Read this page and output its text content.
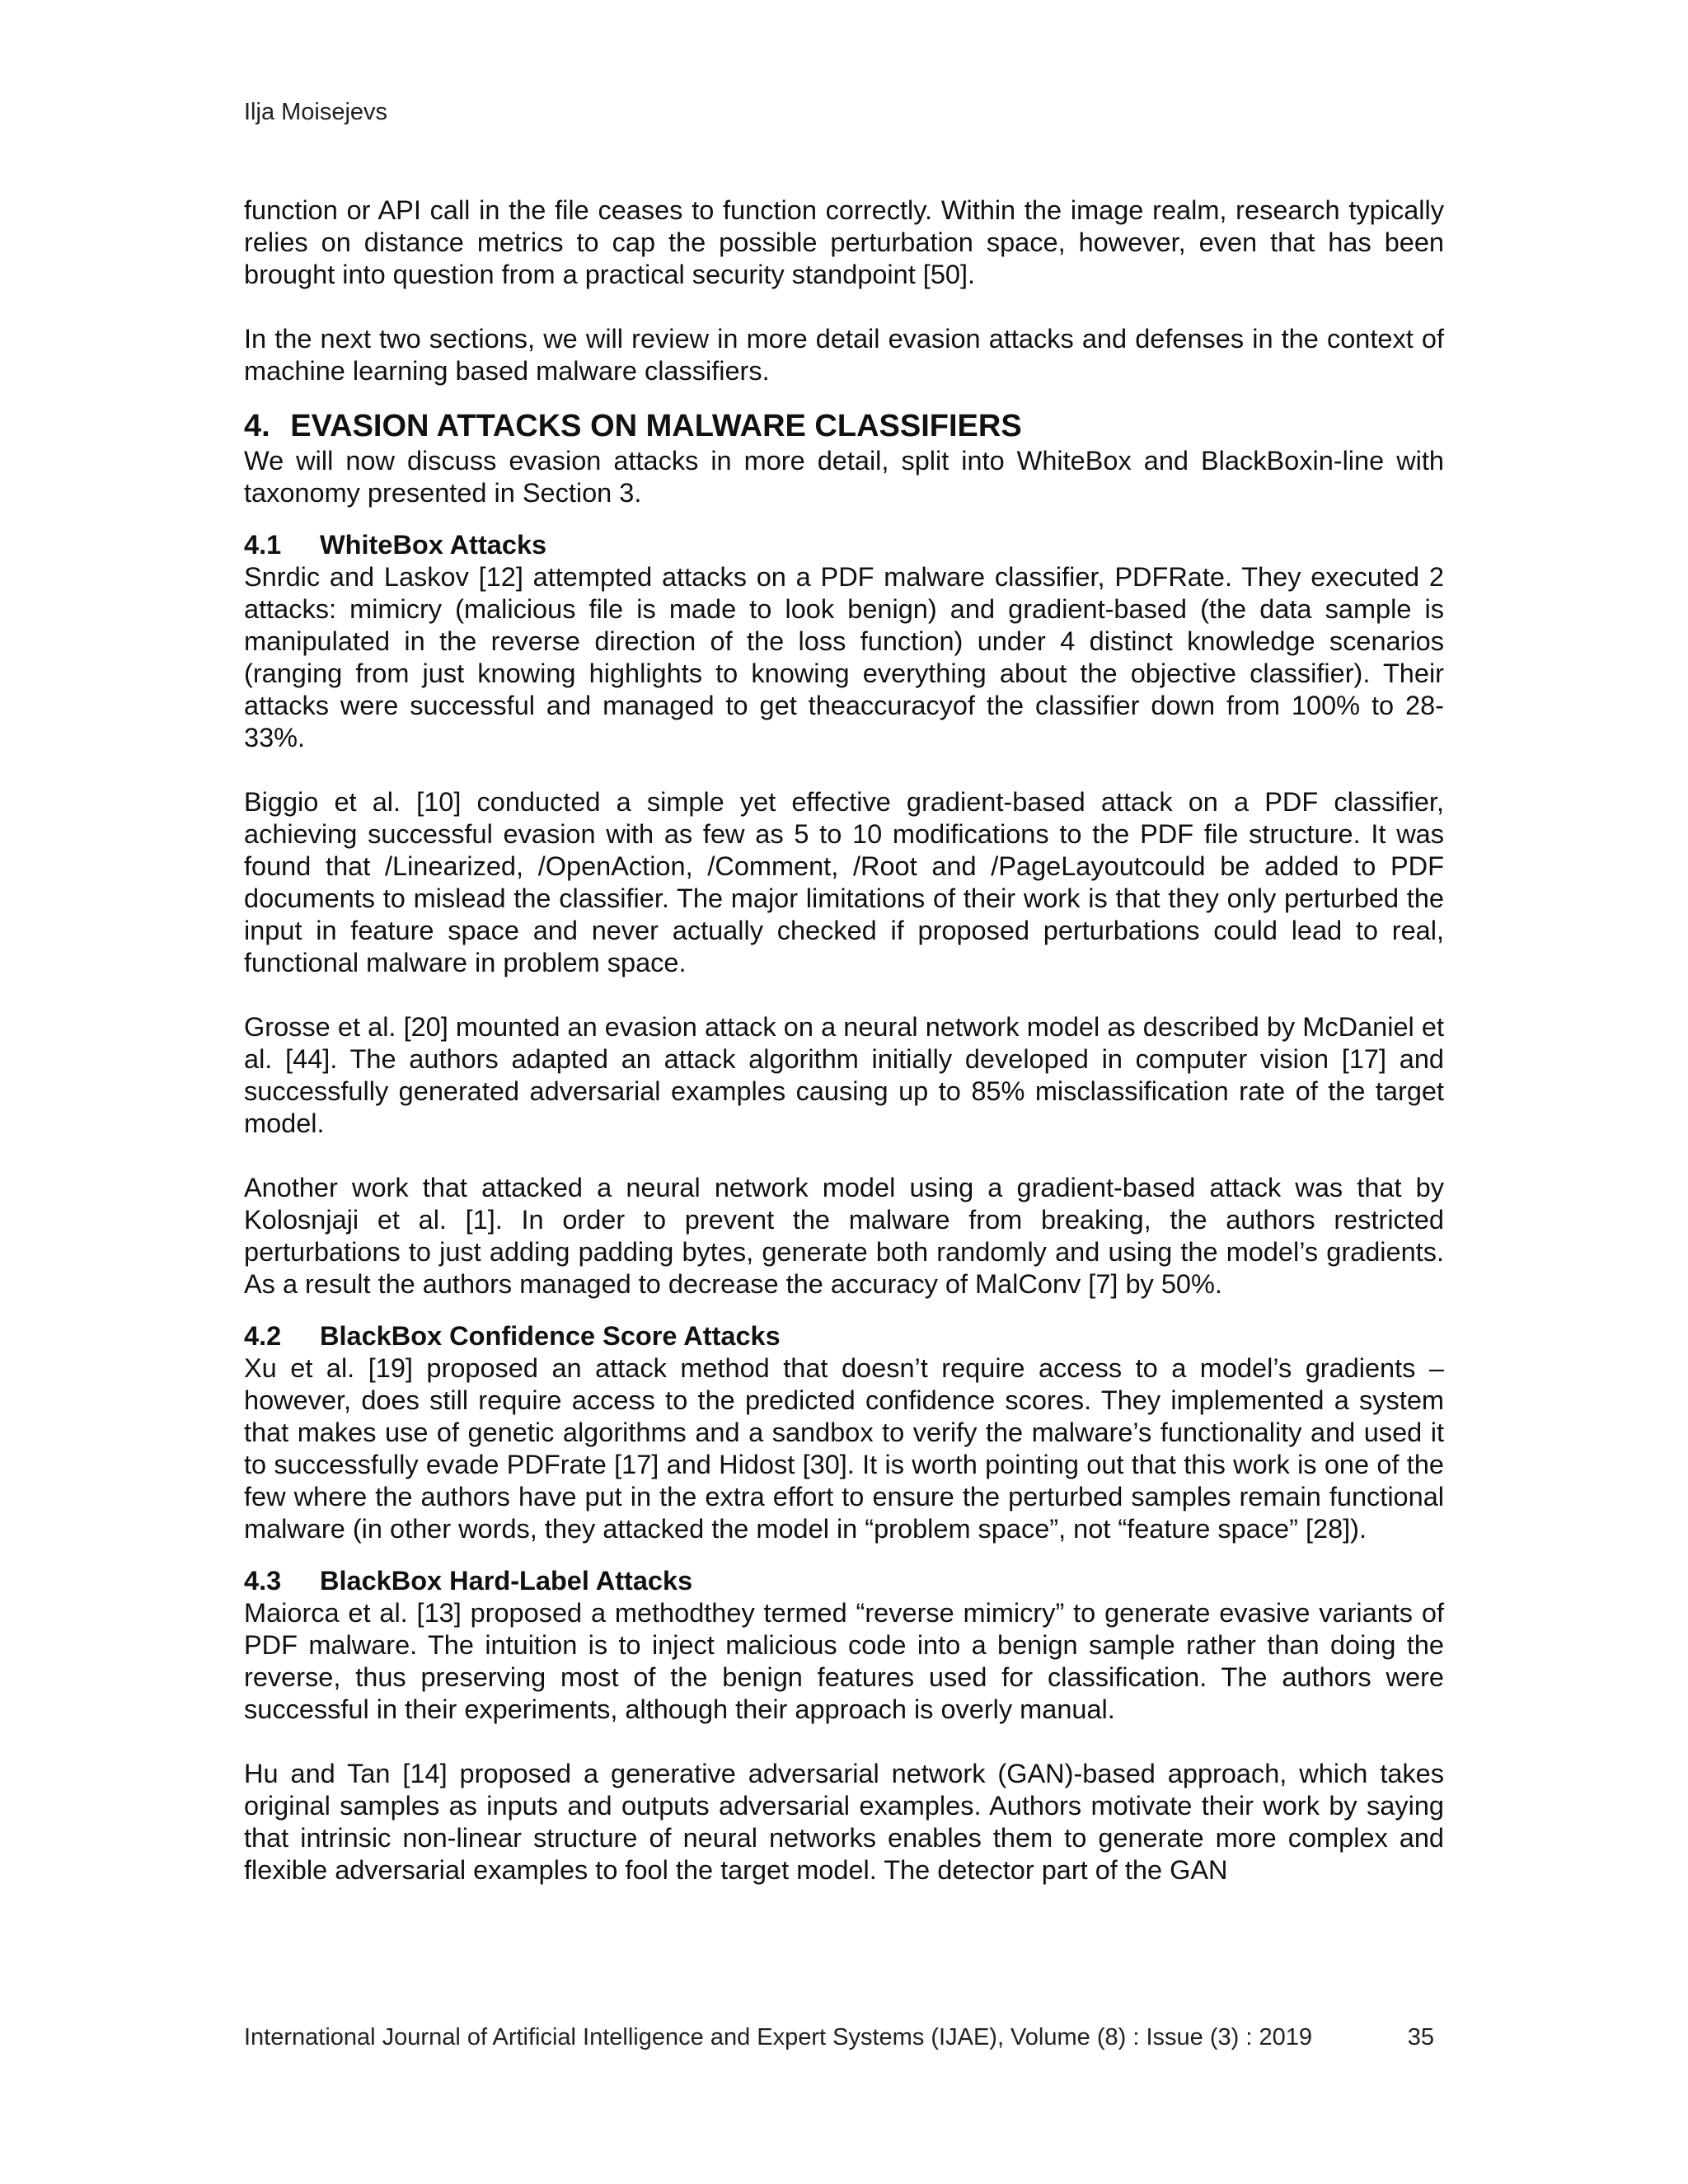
Ilja Moisejevs

function or API call in the file ceases to function correctly. Within the image realm, research typically relies on distance metrics to cap the possible perturbation space, however, even that has been brought into question from a practical security standpoint [50].

In the next two sections, we will review in more detail evasion attacks and defenses in the context of machine learning based malware classifiers.

4. EVASION ATTACKS ON MALWARE CLASSIFIERS

We will now discuss evasion attacks in more detail, split into WhiteBox and BlackBoxin-line with taxonomy presented in Section 3.

4.1 WhiteBox Attacks

Snrdic and Laskov [12] attempted attacks on a PDF malware classifier, PDFRate. They executed 2 attacks: mimicry (malicious file is made to look benign) and gradient-based (the data sample is manipulated in the reverse direction of the loss function) under 4 distinct knowledge scenarios (ranging from just knowing highlights to knowing everything about the objective classifier). Their attacks were successful and managed to get theaccuracyof the classifier down from 100% to 28-33%.

Biggio et al. [10] conducted a simple yet effective gradient-based attack on a PDF classifier, achieving successful evasion with as few as 5 to 10 modifications to the PDF file structure. It was found that /Linearized, /OpenAction, /Comment, /Root and /PageLayoutcould be added to PDF documents to mislead the classifier. The major limitations of their work is that they only perturbed the input in feature space and never actually checked if proposed perturbations could lead to real, functional malware in problem space.

Grosse et al. [20] mounted an evasion attack on a neural network model as described by McDaniel et al. [44]. The authors adapted an attack algorithm initially developed in computer vision [17] and successfully generated adversarial examples causing up to 85% misclassification rate of the target model.

Another work that attacked a neural network model using a gradient-based attack was that by Kolosnjaji et al. [1]. In order to prevent the malware from breaking, the authors restricted perturbations to just adding padding bytes, generate both randomly and using the model’s gradients. As a result the authors managed to decrease the accuracy of MalConv [7] by 50%.

4.2 BlackBox Confidence Score Attacks

Xu et al. [19] proposed an attack method that doesn’t require access to a model’s gradients – however, does still require access to the predicted confidence scores. They implemented a system that makes use of genetic algorithms and a sandbox to verify the malware’s functionality and used it to successfully evade PDFrate [17] and Hidost [30]. It is worth pointing out that this work is one of the few where the authors have put in the extra effort to ensure the perturbed samples remain functional malware (in other words, they attacked the model in “problem space”, not “feature space” [28]).

4.3 BlackBox Hard-Label Attacks

Maiorca et al. [13] proposed a methodthey termed “reverse mimicry” to generate evasive variants of PDF malware. The intuition is to inject malicious code into a benign sample rather than doing the reverse, thus preserving most of the benign features used for classification. The authors were successful in their experiments, although their approach is overly manual.

Hu and Tan [14] proposed a generative adversarial network (GAN)-based approach, which takes original samples as inputs and outputs adversarial examples. Authors motivate their work by saying that intrinsic non-linear structure of neural networks enables them to generate more complex and flexible adversarial examples to fool the target model. The detector part of the GAN

International Journal of Artificial Intelligence and Expert Systems (IJAE), Volume (8) : Issue (3) : 2019	35
